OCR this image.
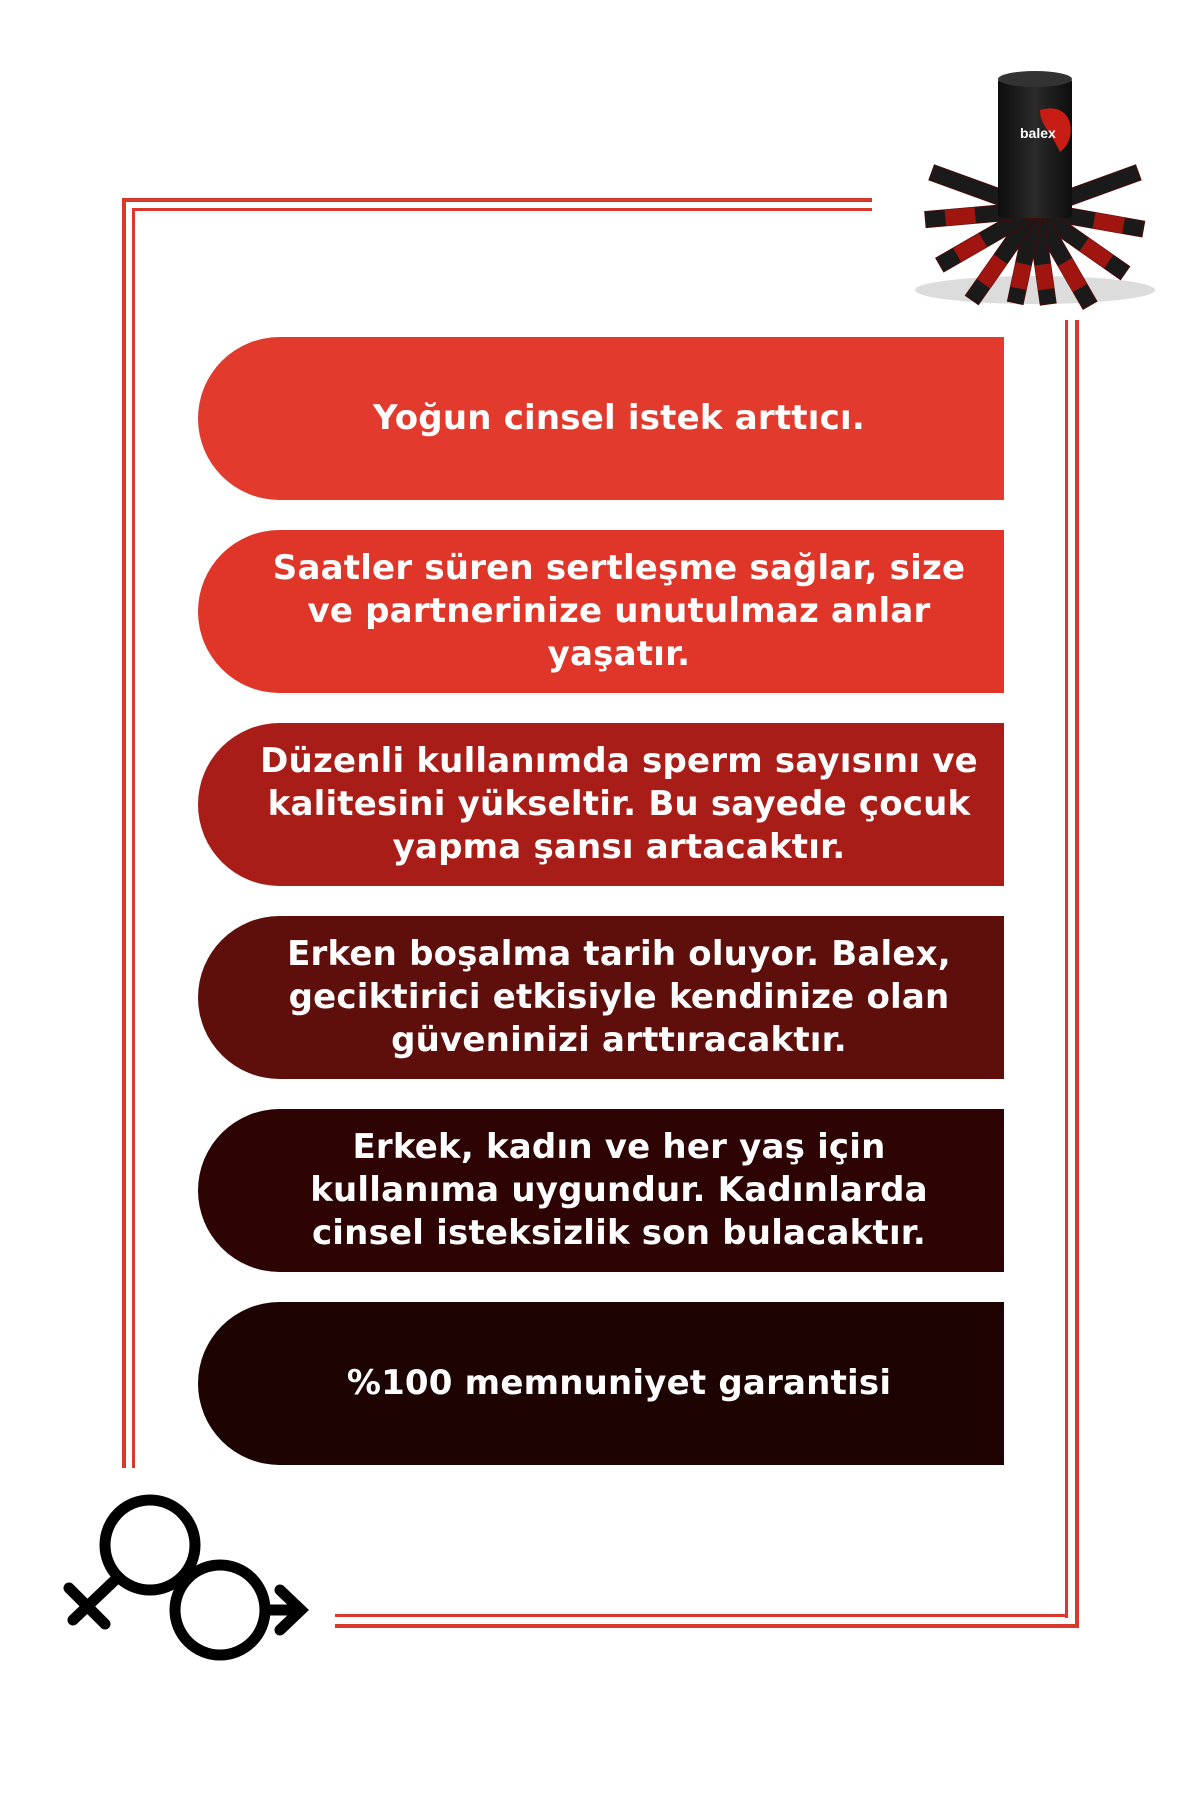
balex
Yoğun cinsel istek arttıcı.
Saatler süren sertleşme sağlar, size ve partnerinize unutulmaz anlar yaşatır.
Düzenli kullanımda sperm sayısını ve kalitesini yükseltir. Bu sayede çocuk yapma şansı artacaktır.
Erken boşalma tarih oluyor. Balex, geciktirici etkisiyle kendinize olan güveninizi arttıracaktır.
Erkek, kadın ve her yaş için kullanıma uygundur. Kadınlarda cinsel isteksizlik son bulacaktır.
%100 memnuniyet garantisi
